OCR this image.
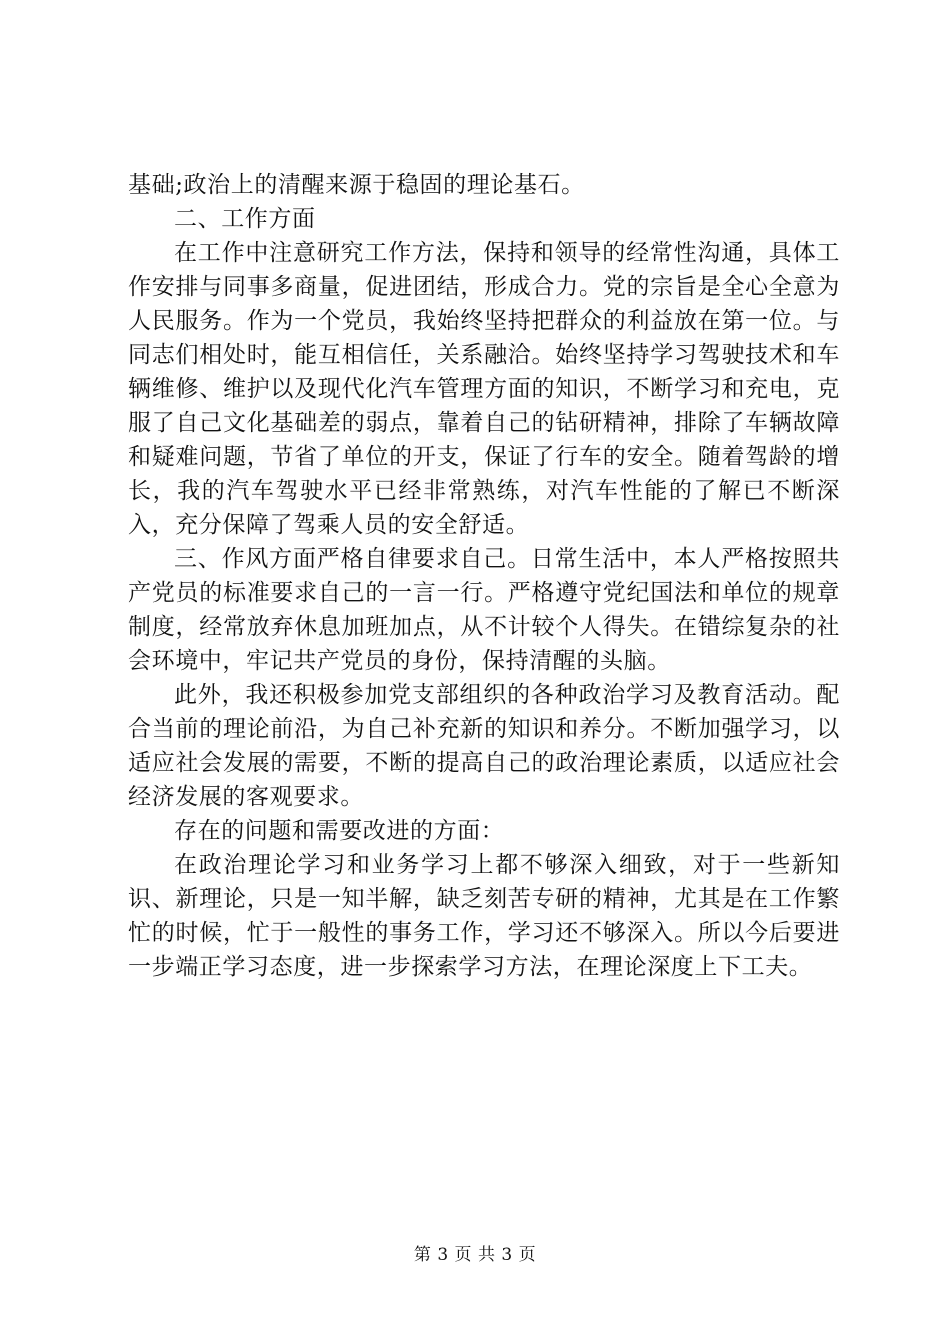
基础;政治上的清醒来源于稳固的理论基石。

二、工作方面

在工作中注意研究工作方法，保持和领导的经常性沟通，具体工作安排与同事多商量，促进团结，形成合力。党的宗旨是全心全意为人民服务。作为一个党员，我始终坚持把群众的利益放在第一位。与同志们相处时，能互相信任，关系融洽。始终坚持学习驾驶技术和车辆维修、维护以及现代化汽车管理方面的知识，不断学习和充电，克服了自己文化基础差的弱点，靠着自己的钻研精神，排除了车辆故障和疑难问题，节省了单位的开支，保证了行车的安全。随着驾龄的增长，我的汽车驾驶水平已经非常熟练，对汽车性能的了解已不断深入，充分保障了驾乘人员的安全舒适。

三、作风方面严格自律要求自己。日常生活中，本人严格按照共产党员的标准要求自己的一言一行。严格遵守党纪国法和单位的规章制度，经常放弃休息加班加点，从不计较个人得失。在错综复杂的社会环境中，牢记共产党员的身份，保持清醒的头脑。

此外，我还积极参加党支部组织的各种政治学习及教育活动。配合当前的理论前沿，为自己补充新的知识和养分。不断加强学习，以适应社会发展的需要，不断的提高自己的政治理论素质，以适应社会经济发展的客观要求。

存在的问题和需要改进的方面：

在政治理论学习和业务学习上都不够深入细致，对于一些新知识、新理论，只是一知半解，缺乏刻苦专研的精神，尤其是在工作繁忙的时候，忙于一般性的事务工作，学习还不够深入。所以今后要进一步端正学习态度，进一步探索学习方法，在理论深度上下工夫。

第 3 页 共 3 页
